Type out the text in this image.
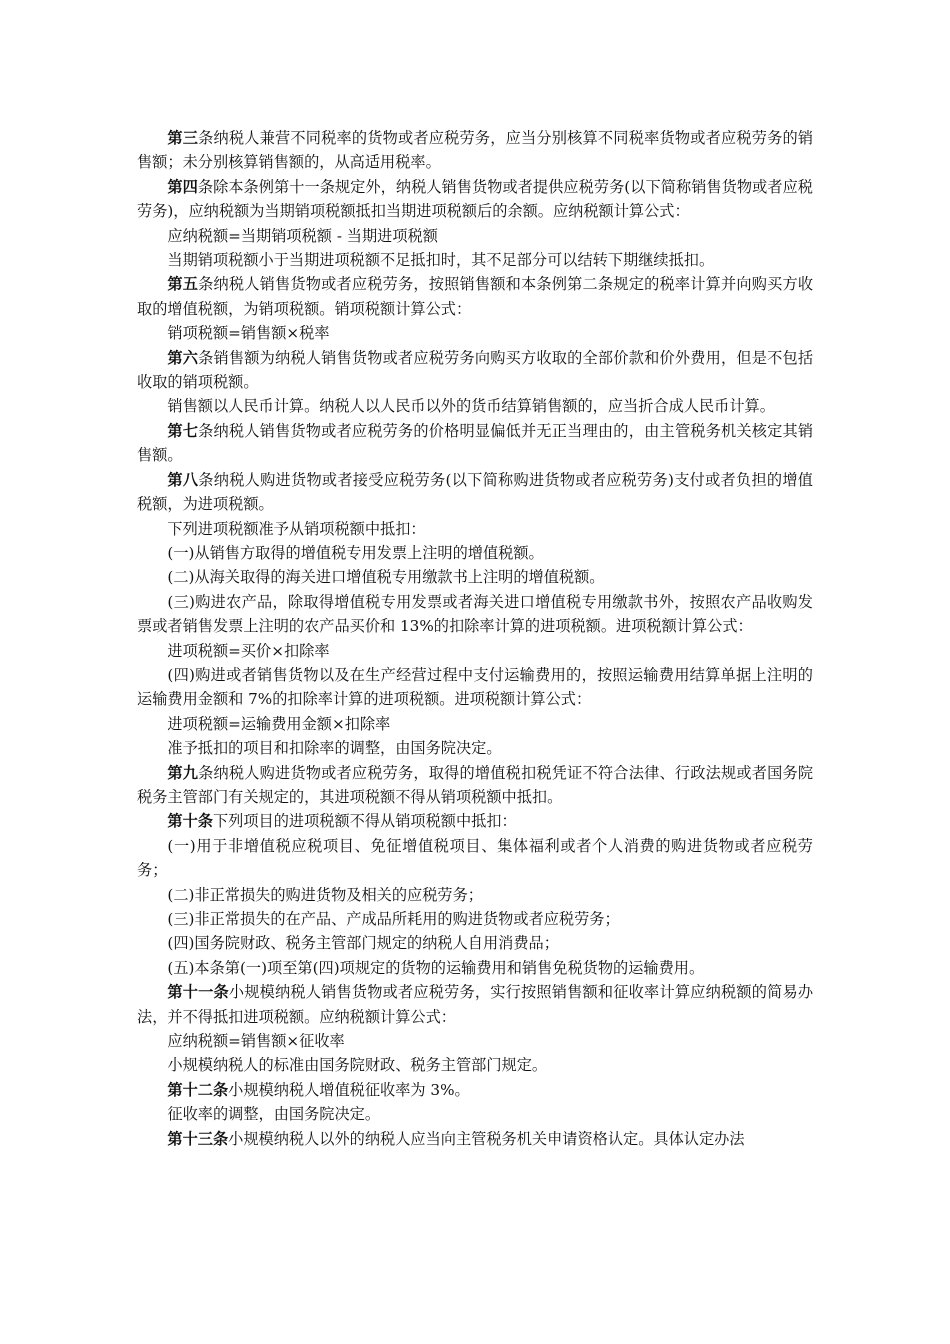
第三条纳税人兼营不同税率的货物或者应税劳务，应当分别核算不同税率货物或者应税劳务的销售额；未分别核算销售额的，从高适用税率。

第四条除本条例第十一条规定外，纳税人销售货物或者提供应税劳务(以下简称销售货物或者应税劳务)，应纳税额为当期销项税额抵扣当期进项税额后的余额。应纳税额计算公式：

应纳税额=当期销项税额 - 当期进项税额

当期销项税额小于当期进项税额不足抵扣时，其不足部分可以结转下期继续抵扣。

第五条纳税人销售货物或者应税劳务，按照销售额和本条例第二条规定的税率计算并向购买方收取的增值税额，为销项税额。销项税额计算公式：

销项税额=销售额×税率

第六条销售额为纳税人销售货物或者应税劳务向购买方收取的全部价款和价外费用，但是不包括收取的销项税额。

销售额以人民币计算。纳税人以人民币以外的货币结算销售额的，应当折合成人民币计算。

第七条纳税人销售货物或者应税劳务的价格明显偏低并无正当理由的，由主管税务机关核定其销售额。

第八条纳税人购进货物或者接受应税劳务(以下简称购进货物或者应税劳务)支付或者负担的增值税额，为进项税额。

下列进项税额准予从销项税额中抵扣：

(一)从销售方取得的增值税专用发票上注明的增值税额。

(二)从海关取得的海关进口增值税专用缴款书上注明的增值税额。

(三)购进农产品，除取得增值税专用发票或者海关进口增值税专用缴款书外，按照农产品收购发票或者销售发票上注明的农产品买价和 13%的扣除率计算的进项税额。进项税额计算公式：

进项税额=买价×扣除率

(四)购进或者销售货物以及在生产经营过程中支付运输费用的，按照运输费用结算单据上注明的运输费用金额和 7%的扣除率计算的进项税额。进项税额计算公式：

进项税额=运输费用金额×扣除率

准予抵扣的项目和扣除率的调整，由国务院决定。

第九条纳税人购进货物或者应税劳务，取得的增值税扣税凭证不符合法律、行政法规或者国务院税务主管部门有关规定的，其进项税额不得从销项税额中抵扣。

第十条下列项目的进项税额不得从销项税额中抵扣：

(一)用于非增值税应税项目、免征增值税项目、集体福利或者个人消费的购进货物或者应税劳务；

(二)非正常损失的购进货物及相关的应税劳务；

(三)非正常损失的在产品、产成品所耗用的购进货物或者应税劳务；

(四)国务院财政、税务主管部门规定的纳税人自用消费品；

(五)本条第(一)项至第(四)项规定的货物的运输费用和销售免税货物的运输费用。

第十一条小规模纳税人销售货物或者应税劳务，实行按照销售额和征收率计算应纳税额的简易办法，并不得抵扣进项税额。应纳税额计算公式：

应纳税额=销售额×征收率

小规模纳税人的标准由国务院财政、税务主管部门规定。

第十二条小规模纳税人增值税征收率为 3%。

征收率的调整，由国务院决定。

第十三条小规模纳税人以外的纳税人应当向主管税务机关申请资格认定。具体认定办法
